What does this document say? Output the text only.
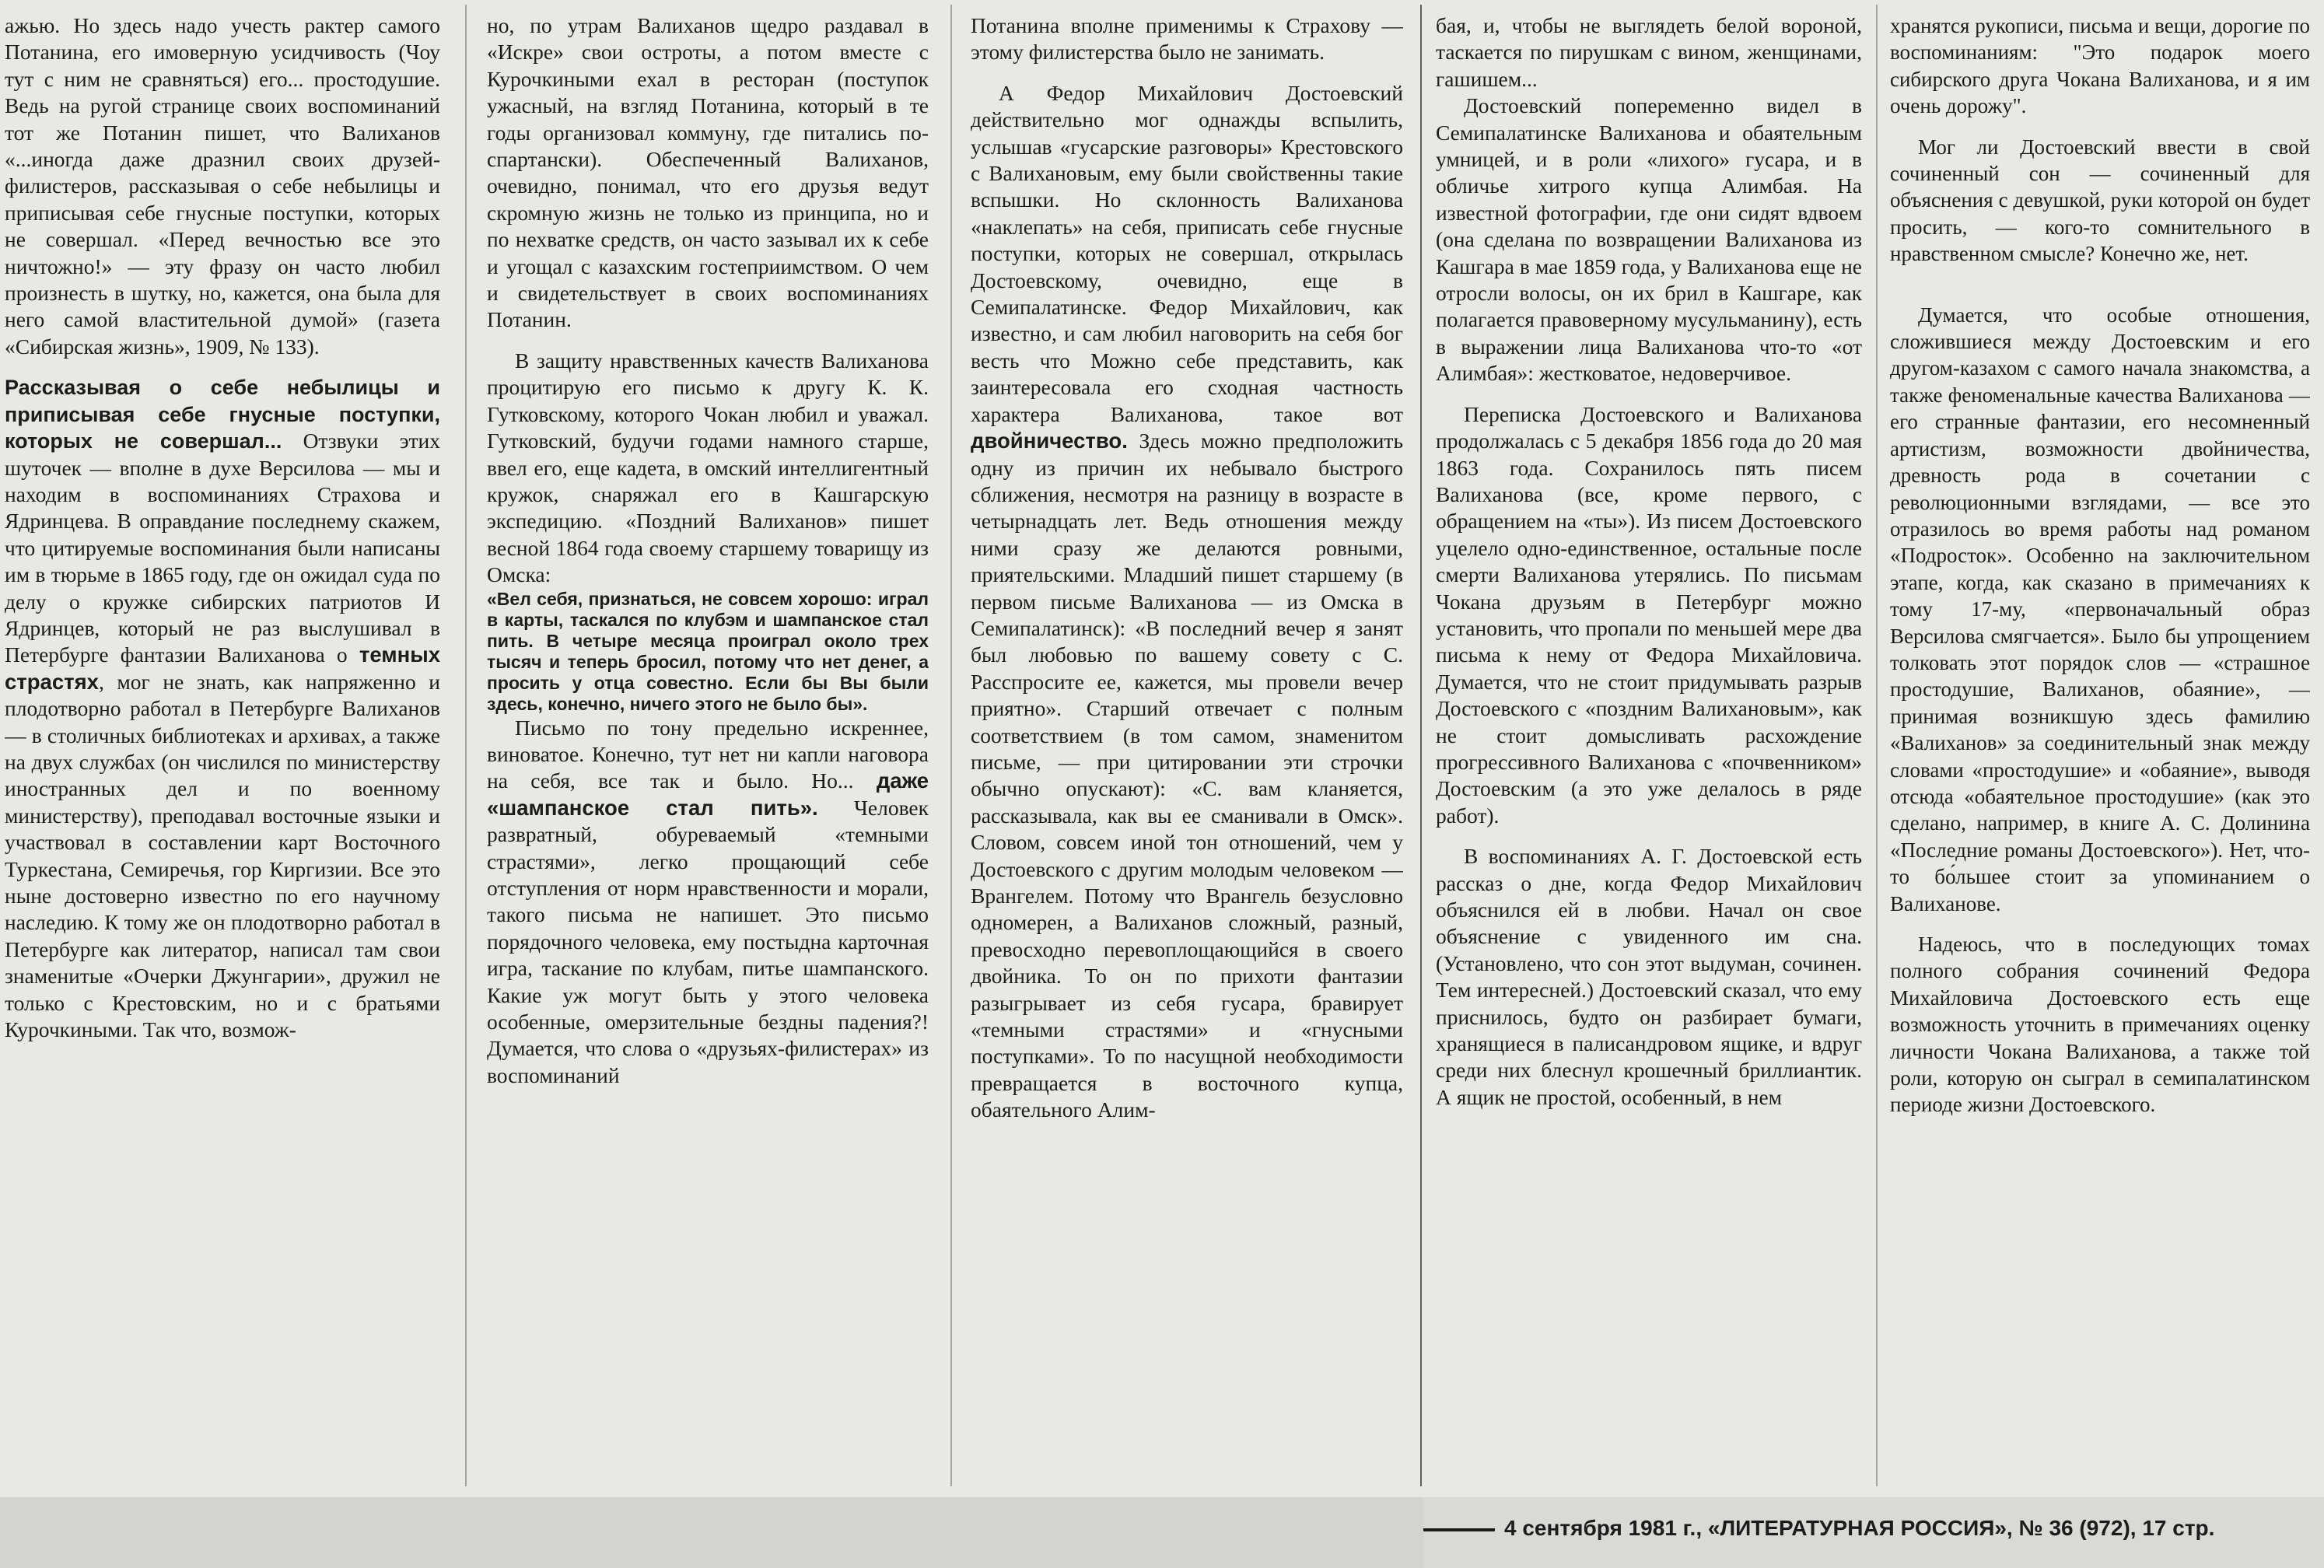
ажью. Но здесь надо учесть рактер самого Потанина, его имоверную усидчивость (Чоу тут с ним не сравняться) его... простодушие. Ведь на ругой странице своих воспоминаний тот же Потанин пишет, что Валиханов «...иногда даже дразнил своих друзей-филистеров, рассказывая о себе небылицы и приписывая себе гнусные поступки, которых не совершал. «Перед вечностью все это ничтожно!» — эту фразу он часто любил произнесть в шутку, но, кажется, она была для него самой властительной думой» (газета «Сибирская жизнь», 1909, № 133).

Рассказывая о себе небылицы и приписывая себе гнусные поступки, которых не совершал... Отзвуки этих шуточек — вполне в духе Версилова — мы и находим в воспоминаниях Страхова и Ядринцева. В оправдание последнему скажем, что цитируемые воспоминания были написаны им в тюрьме в 1865 году, где он ожидал суда по делу о кружке сибирских патриотов И Ядринцев, который не раз выслушивал в Петербурге фантазии Валиханова о темных страстях, мог не знать, как напряженно и плодотворно работал в Петербурге Валиханов — в столичных библиотеках и архивах, а также на двух службах (он числился по министерству иностранных дел и по военному министерству), преподавал восточные языки и участвовал в составлении карт Восточного Туркестана, Семиречья, гор Киргизии. Все это ныне достоверно известно по его научному наследию. К тому же он плодотворно работал в Петербурге как литератор, написал там свои знаменитые «Очерки Джунгарии», дружил не только с Крестовским, но и с братьями Курочкиными. Так что, возмож-

но, по утрам Валиханов щедро раздавал в «Искре» свои остроты, а потом вместе с Курочкиными ехал в ресторан (поступок ужасный, на взгляд Потанина, который в те годы организовал коммуну, где питались по-спартански). Обеспеченный Валиханов, очевидно, понимал, что его друзья ведут скромную жизнь не только из принципа, но и по нехватке средств, он часто зазывал их к себе и угощал с казахским гостеприимством. О чем и свидетельствует в своих воспоминаниях Потанин.

В защиту нравственных качеств Валиханова процитирую его письмо к другу К. К. Гутковскому, которого Чокан любил и уважал. Гутковский, будучи годами намного старше, ввел его, еще кадета, в омский интеллигентный кружок, снаряжал его в Кашгарскую экспедицию. «Поздний Валиханов» пишет весной 1864 года своему старшему товарищу из Омска:

«Вел себя, признаться, не совсем хорошо: играл в карты, таскался по клубэм и шампанское стал пить. В четыре месяца проиграл около трех тысяч и теперь бросил, потому что нет денег, а просить у отца совестно. Если бы Вы были здесь, конечно, ничего этого не было бы».

Письмо по тону предельно искреннее, виноватое. Конечно, тут нет ни капли наговора на себя, все так и было. Но... даже «шампанское стал пить». Человек развратный, обуреваемый «темными страстями», легко прощающий себе отступления от норм нравственности и морали, такого письма не напишет. Это письмо порядочного человека, ему постыдна карточная игра, таскание по клубам, питье шампанского. Какие уж могут быть у этого человека особенные, омерзительные бездны падения?! Думается, что слова о «друзьях-филистерах» из воспоминаний

Потанина вполне применимы к Страхову — этому филистерства было не занимать.

А Федор Михайлович Достоевский действительно мог однажды вспылить, услышав «гусарские разговоры» Крестовского с Валихановым, ему были свойственны такие вспышки. Но склонность Валиханова «наклепать» на себя, приписать себе гнусные поступки, которых не совершал, открылась Достоевскому, очевидно, еще в Семипалатинске. Федор Михайлович, как известно, и сам любил наговорить на себя бог весть что Можно себе представить, как заинтересовала его сходная частность характера Валиханова, такое вот двойничество. Здесь можно предположить одну из причин их небывало быстрого сближения, несмотря на разницу в возрасте в четырнадцать лет. Ведь отношения между ними сразу же делаются ровными, приятельскими. Младший пишет старшему (в первом письме Валиханова — из Омска в Семипалатинск): «В последний вечер я занят был любовью по вашему совету с С. Расспросите ее, кажется, мы провели вечер приятно». Старший отвечает с полным соответствием (в том самом, знаменитом письме, — при цитировании эти строчки обычно опускают): «С. вам кланяется, рассказывала, как вы ее сманивали в Омск». Словом, совсем иной тон отношений, чем у Достоевского с другим молодым человеком — Врангелем. Потому что Врангель безусловно одномерен, а Валиханов сложный, разный, превосходно перевоплощающийся в своего двойника. То он по прихоти фантазии разыгрывает из себя гусара, бравирует «темными страстями» и «гнусными поступками». То по насущной необходимости превращается в восточного купца, обаятельного Алим-

бая, и, чтобы не выглядеть белой вороной, таскается по пирушкам с вином, женщинами, гашишем...

Достоевский попеременно видел в Семипалатинске Валиханова и обаятельным умницей, и в роли «лихого» гусара, и в обличье хитрого купца Алимбая. На известной фотографии, где они сидят вдвоем (она сделана по возвращении Валиханова из Кашгара в мае 1859 года, у Валиханова еще не отросли волосы, он их брил в Кашгаре, как полагается правоверному мусульманину), есть в выражении лица Валиханова что-то «от Алимбая»: жестковатое, недоверчивое.

Переписка Достоевского и Валиханова продолжалась с 5 декабря 1856 года до 20 мая 1863 года. Сохранилось пять писем Валиханова (все, кроме первого, с обращением на «ты»). Из писем Достоевского уцелело одно-единственное, остальные после смерти Валиханова утерялись. По письмам Чокана друзьям в Петербург можно установить, что пропали по меньшей мере два письма к нему от Федора Михайловича. Думается, что не стоит придумывать разрыв Достоевского с «поздним Валихановым», как не стоит домысливать расхождение прогрессивного Валиханова с «почвенником» Достоевским (а это уже делалось в ряде работ).

В воспоминаниях А. Г. Достоевской есть рассказ о дне, когда Федор Михайлович объяснился ей в любви. Начал он свое объяснение с увиденного им сна. (Установлено, что сон этот выдуман, сочинен. Тем интересней.) Достоевский сказал, что ему приснилось, будто он разбирает бумаги, хранящиеся в палисандровом ящике, и вдруг среди них блеснул крошечный бриллиантик. А ящик не простой, особенный, в нем

хранятся рукописи, письма и вещи, дорогие по воспоминаниям: "Это подарок моего сибирского друга Чокана Валиханова, и я им очень дорожу".

Мог ли Достоевский ввести в свой сочиненный сон — сочиненный для объяснения с девушкой, руки которой он будет просить, — кого-то сомнительного в нравственном смысле? Конечно же, нет.

Думается, что особые отношения, сложившиеся между Достоевским и его другом-казахом с самого начала знакомства, а также феноменальные качества Валиханова — его странные фантазии, его несомненный артистизм, возможности двойничества, древность рода в сочетании с революционными взглядами, — все это отразилось во время работы над романом «Подросток». Особенно на заключительном этапе, когда, как сказано в примечаниях к тому 17-му, «первоначальный образ Версилова смягчается». Было бы упрощением толковать этот порядок слов — «страшное простодушие, Валиханов, обаяние», — принимая возникшую здесь фамилию «Валиханов» за соединительный знак между словами «простодушие» и «обаяние», выводя отсюда «обаятельное простодушие» (как это сделано, например, в книге А. С. Долинина «Последние романы Достоевского»). Нет, что-то бо́льшее стоит за упоминанием о Валиханове.

Надеюсь, что в последующих томах полного собрания сочинений Федора Михайловича Достоевского есть еще возможность уточнить в примечаниях оценку личности Чокана Валиханова, а также той роли, которую он сыграл в семипалатинском периоде жизни Достоевского.

4 сентября 1981 г., «ЛИТЕРАТУРНАЯ РОССИЯ», № 36 (972), 17 стр.
